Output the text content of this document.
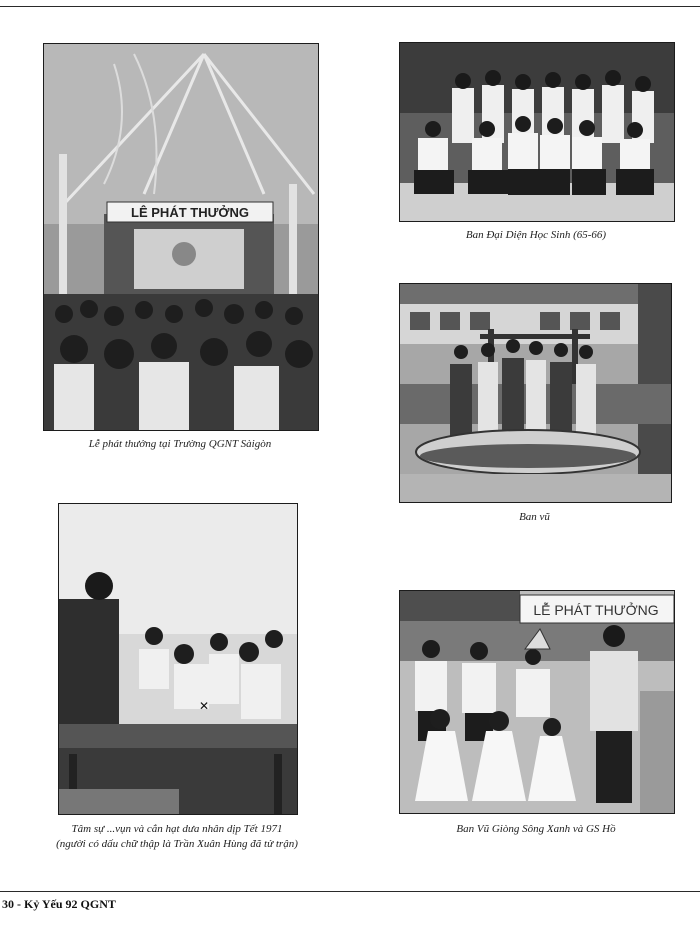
LÊ PHÁT THƯỞNG
Lễ phát thưởng tại Trường QGNT Sàigòn
Ban Đại Diện Học Sinh (65-66)
Ban vũ
✕
Tâm sự ...vụn và cắn hạt dưa nhân dịp Tết 1971
(người có dấu chữ thập là Trần Xuân Hùng đã tử trận)
LỄ PHÁT THƯỞNG
Ban Vũ Giòng Sông Xanh và GS Hồ
30 - Kỷ Yếu 92 QGNT
